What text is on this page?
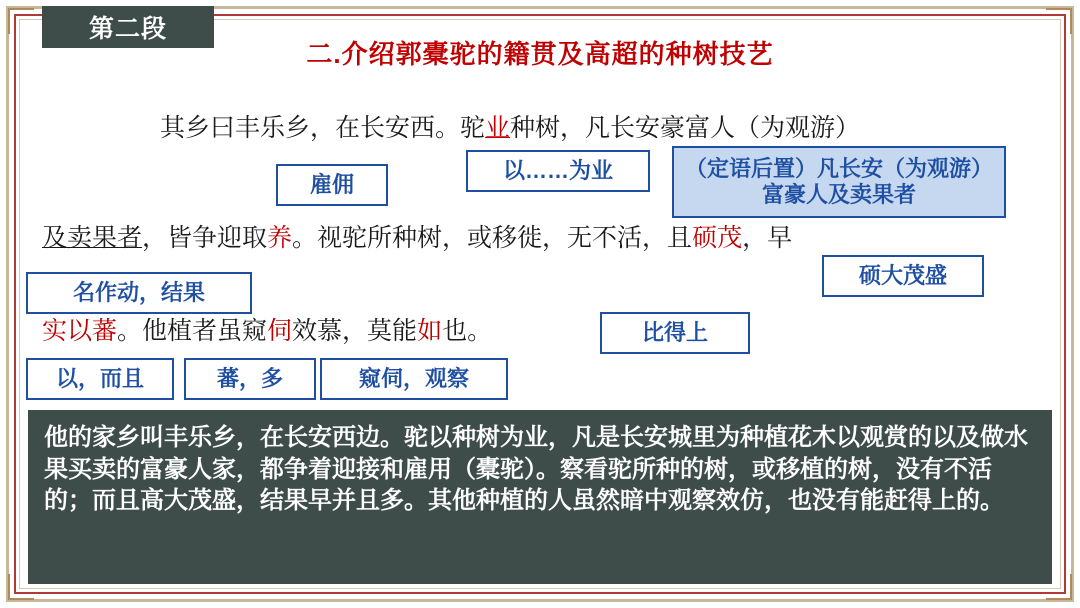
第二段
二.介绍郭橐驼的籍贯及高超的种树技艺
其乡曰丰乐乡，在长安西。驼业种树，凡长安豪富人（为观游）
及卖果者，皆争迎取养。视驼所种树，或移徙，无不活，且硕茂，早
实以蕃。他植者虽窥伺效慕，莫能如也。
雇佣
以……为业	（定语后置）凡长安（为观游）富豪人及卖果者
名作动，结果
硕大茂盛
比得上
以，而且	蕃，多	窥伺，观察
他的家乡叫丰乐乡，在长安西边。驼以种树为业，凡是长安城里为种植花木以观赏的以及做水果买卖的富豪人家，都争着迎接和雇用（橐驼）。察看驼所种的树，或移植的树，没有不活的；而且高大茂盛，结果早并且多。其他种植的人虽然暗中观察效仿，也没有能赶得上的。
